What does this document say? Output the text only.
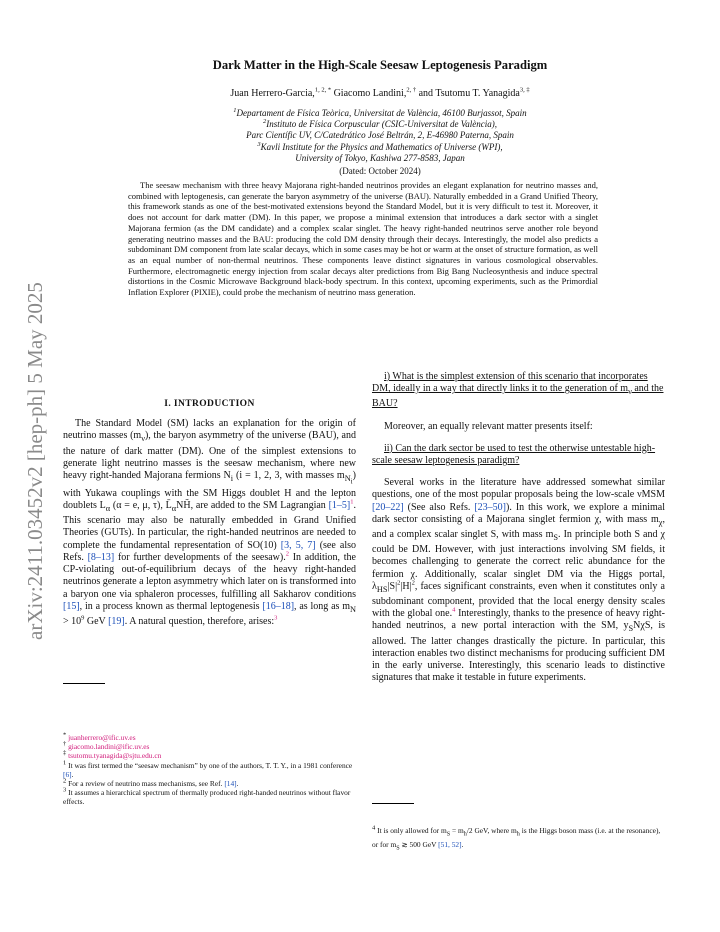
arXiv:2411.03452v2 [hep-ph] 5 May 2025
Dark Matter in the High-Scale Seesaw Leptogenesis Paradigm
Juan Herrero-Garcia,$^{1, 2, *}$ Giacomo Landini,$^{2, \dagger}$ and Tsutomu T. Yanagida$^{3, \ddagger}$
$^1$Departament de Física Teòrica, Universitat de València, 46100 Burjassot, Spain
$^2$Instituto de Física Corpuscular (CSIC-Universitat de València),
Parc Científic UV, C/Catedrático José Beltrán, 2, E-46980 Paterna, Spain
$^3$Kavli Institute for the Physics and Mathematics of Universe (WPI),
University of Tokyo, Kashiwa 277-8583, Japan
(Dated: October 2024)

The seesaw mechanism with three heavy Majorana right-handed neutrinos provides an elegant explanation for neutrino masses and, combined with leptogenesis, can generate the baryon asymmetry of the universe (BAU). Naturally embedded in a Grand Unified Theory, this framework stands as one of the best-motivated extensions beyond the Standard Model, but it is very difficult to test it. Moreover, it does not account for dark matter (DM). In this paper, we propose a minimal extension that introduces a dark sector with a singlet Majorana fermion (as the DM candidate) and a complex scalar singlet. The heavy right-handed neutrinos serve another role beyond generating neutrino masses and the BAU: producing the cold DM density through their decays. Interestingly, the model also predicts a subdominant DM component from late scalar decays, which in some cases may be hot or warm at the onset of structure formation, as well as an equal number of non-thermal neutrinos. These components leave distinct signatures in various cosmological observables. Furthermore, electromagnetic energy injection from scalar decays alter predictions from Big Bang Nucleosynthesis and induce spectral distortions in the Cosmic Microwave Background black-body spectrum. In this context, upcoming experiments, such as the Primordial Inflation Explorer (PIXIE), could probe the mechanism of neutrino mass generation.

I. INTRODUCTION

The Standard Model (SM) lacks an explanation for the origin of neutrino masses $(m_\nu)$, the baryon asymmetry of the universe (BAU), and the nature of dark matter (DM). One of the simplest extensions to generate light neutrino masses is the seesaw mechanism, where new heavy right-handed Majorana fermions $N_i$ (i = 1, 2, 3, with masses $m_{N_i}$) with Yukawa couplings with the SM Higgs doublet H and the lepton doublets $L_\alpha$ (α = e, μ, τ), $L̄_\alpha NH̃$, are added to the SM Lagrangian $[1-5]^1$. This scenario may also be naturally embedded in Grand Unified Theories (GUTs). In particular, the right-handed neutrinos are needed to complete the fundamental representation of SO(10) [3, 5, 7] (see also Refs. [8–13] for further developments of the seesaw).$^2$ In addition, the CP-violating out-of-equilibrium decays of the heavy right-handed neutrinos generate a lepton asymmetry which later on is transformed into a baryon one via sphaleron processes, fulfilling all Sakharov conditions [15], in a process known as thermal leptogenesis [16–18], as long as $m_N > 10^9$ GeV [19]. A natural question, therefore, arises:$^3$

i) What is the simplest extension of this scenario that incorporates DM, ideally in a way that directly links it to the generation of $m_\nu$ and the BAU?

Moreover, an equally relevant matter presents itself:

ii) Can the dark sector be used to test the otherwise untestable high-scale seesaw leptogenesis paradigm?

Several works in the literature have addressed somewhat similar questions, one of the most popular proposals being the low-scale νMSM [20–22] (See also Refs. [23–50]). In this work, we explore a minimal dark sector consisting of a Majorana singlet fermion χ, with mass $m_\chi$, and a complex scalar singlet S, with mass $m_S$. In principle both S and χ could be DM. However, with just interactions involving SM fields, it becomes challenging to generate the correct relic abundance for the fermion χ. Additionally, scalar singlet DM via the Higgs portal, $\lambda_{HS}|S|^2|H|^2$, faces significant constraints, even when it constitutes only a subdominant component, provided that the local energy density scales with the global one.$^4$ Interestingly, thanks to the presence of heavy right-handed neutrinos, a new portal interaction with the SM, $y_SN\chi S$, is allowed. The latter changes drastically the picture. In particular, this interaction enables two distinct mechanisms for producing sufficient DM in the early universe. Interestingly, this scenario leads to distinctive signatures that make it testable in future experiments.

* juanherrero@ific.uv.es
† giacomo.landini@ific.uv.es
‡ tsutomu.tyanagida@sjtu.edu.cn
$^1$ It was first termed the “seesaw mechanism” by one of the authors, T. T. Y., in a 1981 conference [6].
$^2$ For a review of neutrino mass mechanisms, see Ref. [14].
$^3$ It assumes a hierarchical spectrum of thermally produced right-handed neutrinos without flavor effects.
$^4$ It is only allowed for $m_S = m_h/2$ GeV, where $m_h$ is the Higgs boson mass (i.e. at the resonance), or for $m_S$ ≳ 500 GeV [51, 52].
